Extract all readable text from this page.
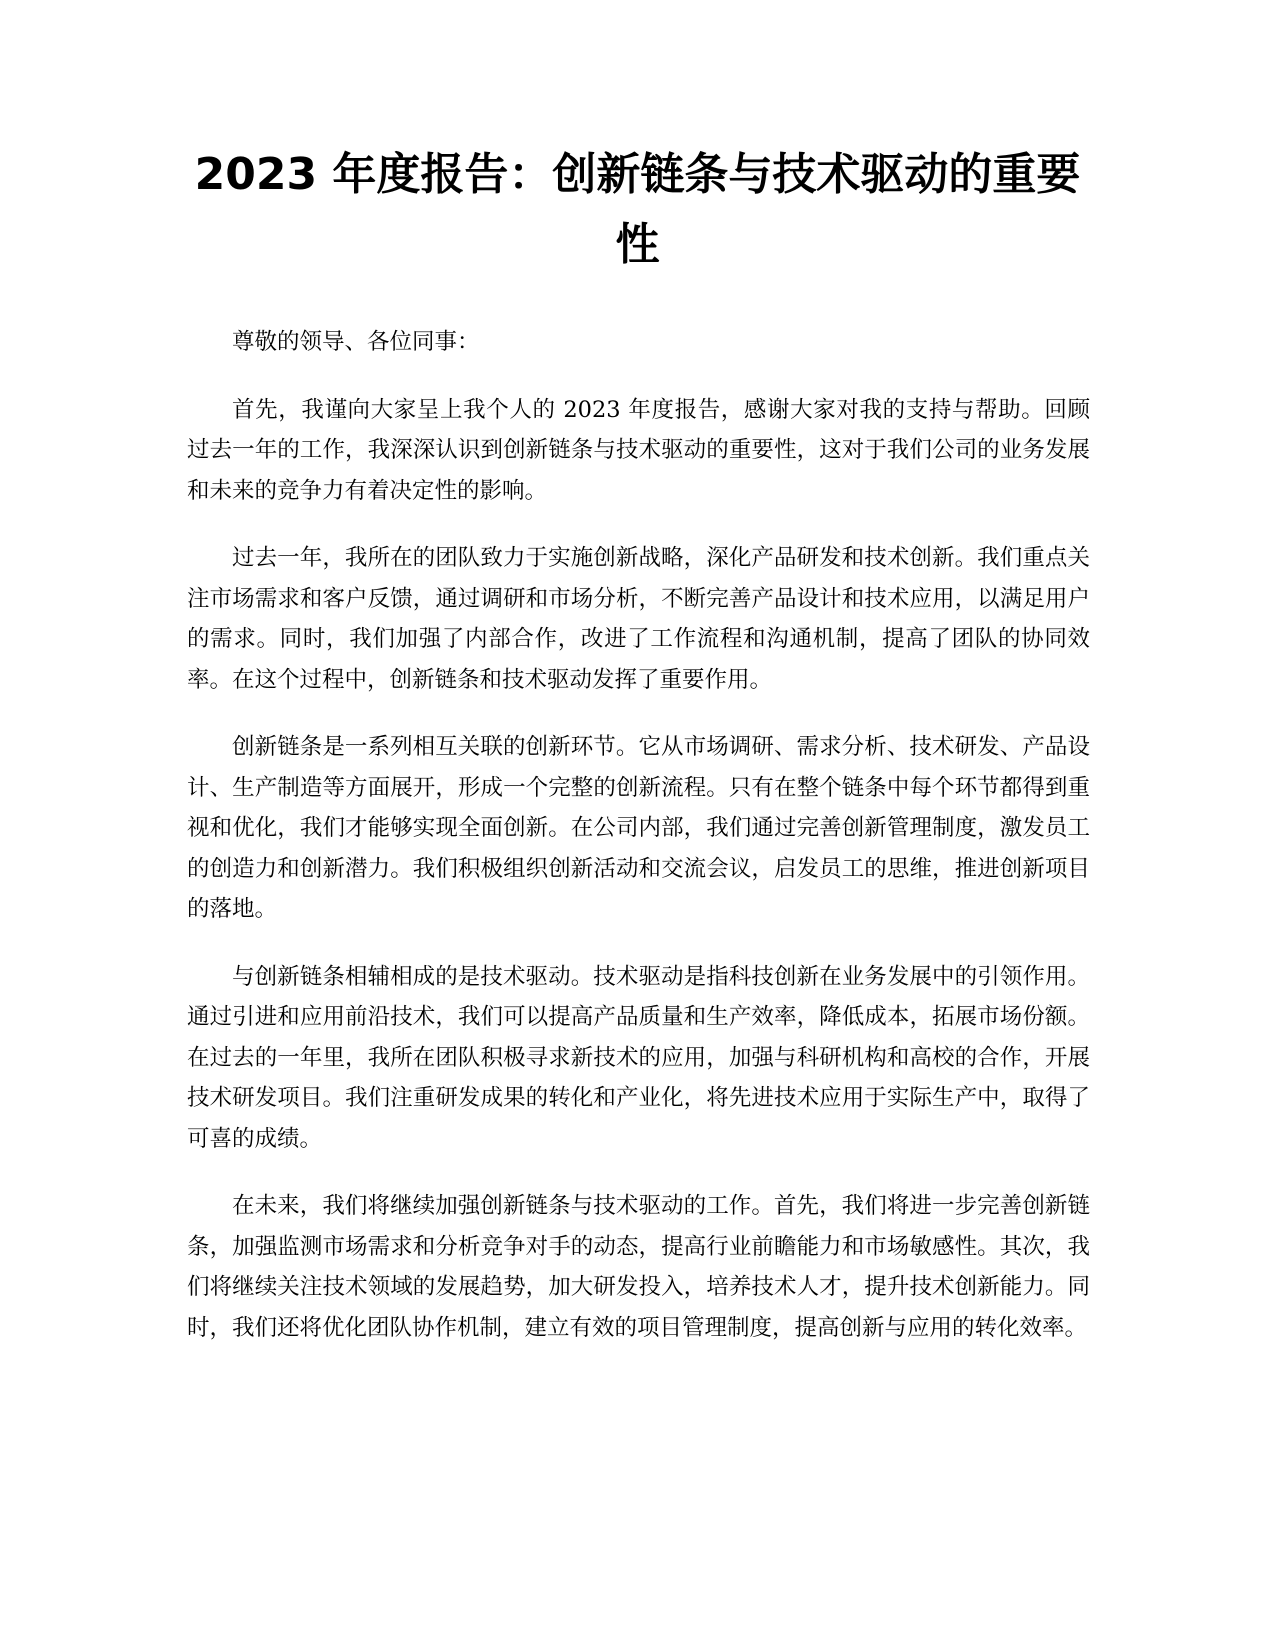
2023 年度报告：创新链条与技术驱动的重要性

尊敬的领导、各位同事：

首先，我谨向大家呈上我个人的 2023 年度报告，感谢大家对我的支持与帮助。回顾过去一年的工作，我深深认识到创新链条与技术驱动的重要性，这对于我们公司的业务发展和未来的竞争力有着决定性的影响。

过去一年，我所在的团队致力于实施创新战略，深化产品研发和技术创新。我们重点关注市场需求和客户反馈，通过调研和市场分析，不断完善产品设计和技术应用，以满足用户的需求。同时，我们加强了内部合作，改进了工作流程和沟通机制，提高了团队的协同效率。在这个过程中，创新链条和技术驱动发挥了重要作用。

创新链条是一系列相互关联的创新环节。它从市场调研、需求分析、技术研发、产品设计、生产制造等方面展开，形成一个完整的创新流程。只有在整个链条中每个环节都得到重视和优化，我们才能够实现全面创新。在公司内部，我们通过完善创新管理制度，激发员工的创造力和创新潜力。我们积极组织创新活动和交流会议，启发员工的思维，推进创新项目的落地。

与创新链条相辅相成的是技术驱动。技术驱动是指科技创新在业务发展中的引领作用。通过引进和应用前沿技术，我们可以提高产品质量和生产效率，降低成本，拓展市场份额。在过去的一年里，我所在团队积极寻求新技术的应用，加强与科研机构和高校的合作，开展技术研发项目。我们注重研发成果的转化和产业化，将先进技术应用于实际生产中，取得了可喜的成绩。

在未来，我们将继续加强创新链条与技术驱动的工作。首先，我们将进一步完善创新链条，加强监测市场需求和分析竞争对手的动态，提高行业前瞻能力和市场敏感性。其次，我们将继续关注技术领域的发展趋势，加大研发投入，培养技术人才，提升技术创新能力。同时，我们还将优化团队协作机制，建立有效的项目管理制度，提高创新与应用的转化效率。
